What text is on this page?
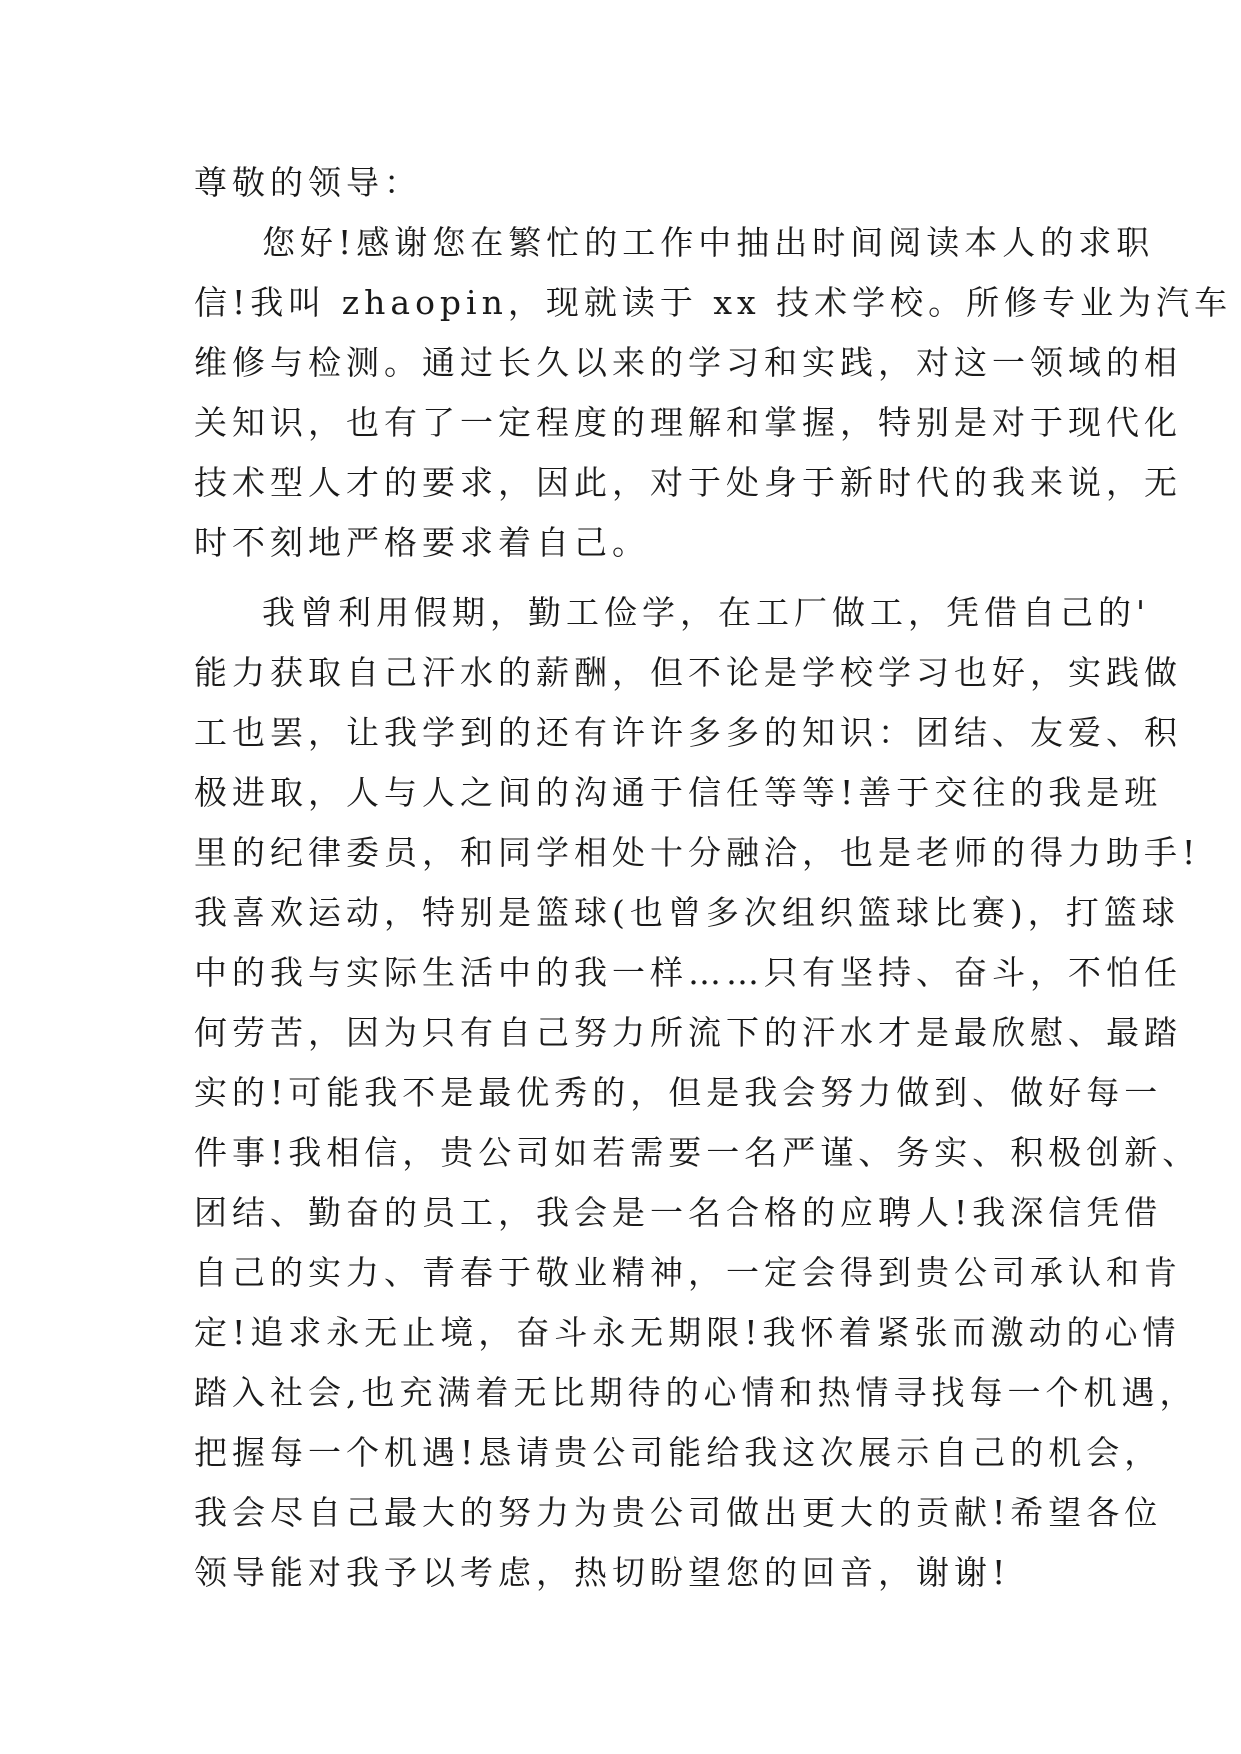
尊敬的领导：
您好!感谢您在繁忙的工作中抽出时间阅读本人的求职
信!我叫 zhaopin，现就读于 xx 技术学校。所修专业为汽车
维修与检测。通过长久以来的学习和实践，对这一领域的相
关知识，也有了一定程度的理解和掌握，特别是对于现代化
技术型人才的要求，因此，对于处身于新时代的我来说，无
时不刻地严格要求着自己。
我曾利用假期，勤工俭学，在工厂做工，凭借自己的'
能力获取自己汗水的薪酬，但不论是学校学习也好，实践做
工也罢，让我学到的还有许许多多的知识：团结、友爱、积
极进取，人与人之间的沟通于信任等等!善于交往的我是班
里的纪律委员，和同学相处十分融洽，也是老师的得力助手!
我喜欢运动，特别是篮球(也曾多次组织篮球比赛)，打篮球
中的我与实际生活中的我一样……只有坚持、奋斗，不怕任
何劳苦，因为只有自己努力所流下的汗水才是最欣慰、最踏
实的!可能我不是最优秀的，但是我会努力做到、做好每一
件事!我相信，贵公司如若需要一名严谨、务实、积极创新、
团结、勤奋的员工，我会是一名合格的应聘人!我深信凭借
自己的实力、青春于敬业精神，一定会得到贵公司承认和肯
定!追求永无止境，奋斗永无期限!我怀着紧张而激动的心情
踏入社会,也充满着无比期待的心情和热情寻找每一个机遇，
把握每一个机遇!恳请贵公司能给我这次展示自己的机会，
我会尽自己最大的努力为贵公司做出更大的贡献!希望各位
领导能对我予以考虑，热切盼望您的回音，谢谢!
